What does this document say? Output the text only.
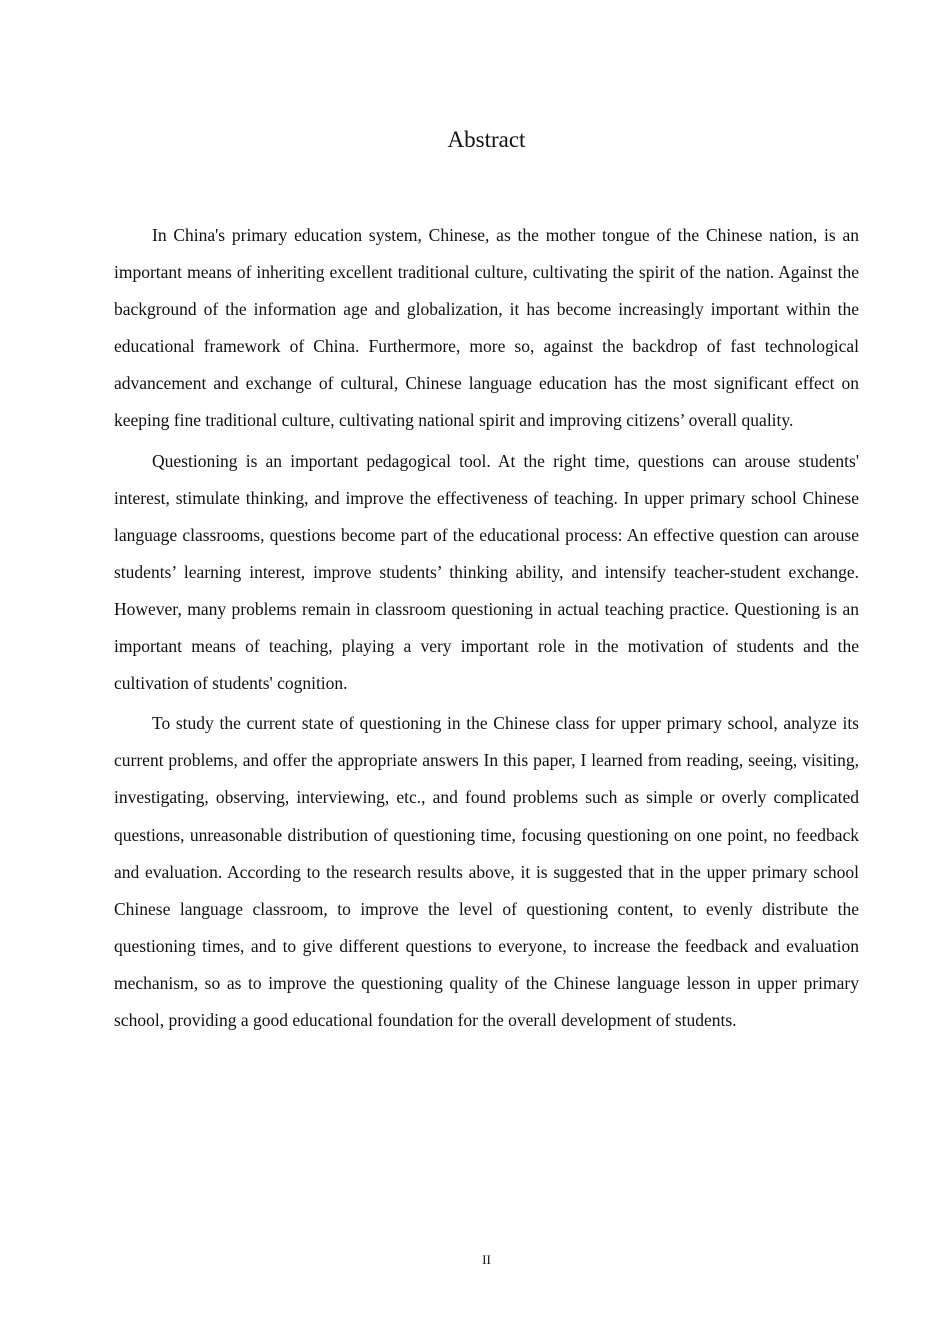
Abstract

In China's primary education system, Chinese, as the mother tongue of the Chinese nation, is an important means of inheriting excellent traditional culture, cultivating the spirit of the nation. Against the background of the information age and globalization, it has become increasingly important within the educational framework of China. Furthermore, more so, against the backdrop of fast technological advancement and exchange of cultural, Chinese language education has the most significant effect on keeping fine traditional culture, cultivating national spirit and improving citizens’ overall quality.

Questioning is an important pedagogical tool. At the right time, questions can arouse students' interest, stimulate thinking, and improve the effectiveness of teaching. In upper primary school Chinese language classrooms, questions become part of the educational process: An effective question can arouse students’ learning interest, improve students’ thinking ability, and intensify teacher-student exchange. However, many problems remain in classroom questioning in actual teaching practice. Questioning is an important means of teaching, playing a very important role in the motivation of students and the cultivation of students' cognition.

To study the current state of questioning in the Chinese class for upper primary school, analyze its current problems, and offer the appropriate answers In this paper, I learned from reading, seeing, visiting, investigating, observing, interviewing, etc., and found problems such as simple or overly complicated questions, unreasonable distribution of questioning time, focusing questioning on one point, no feedback and evaluation. According to the research results above, it is suggested that in the upper primary school Chinese language classroom, to improve the level of questioning content, to evenly distribute the questioning times, and to give different questions to everyone, to increase the feedback and evaluation mechanism, so as to improve the questioning quality of the Chinese language lesson in upper primary school, providing a good educational foundation for the overall development of students.

II
